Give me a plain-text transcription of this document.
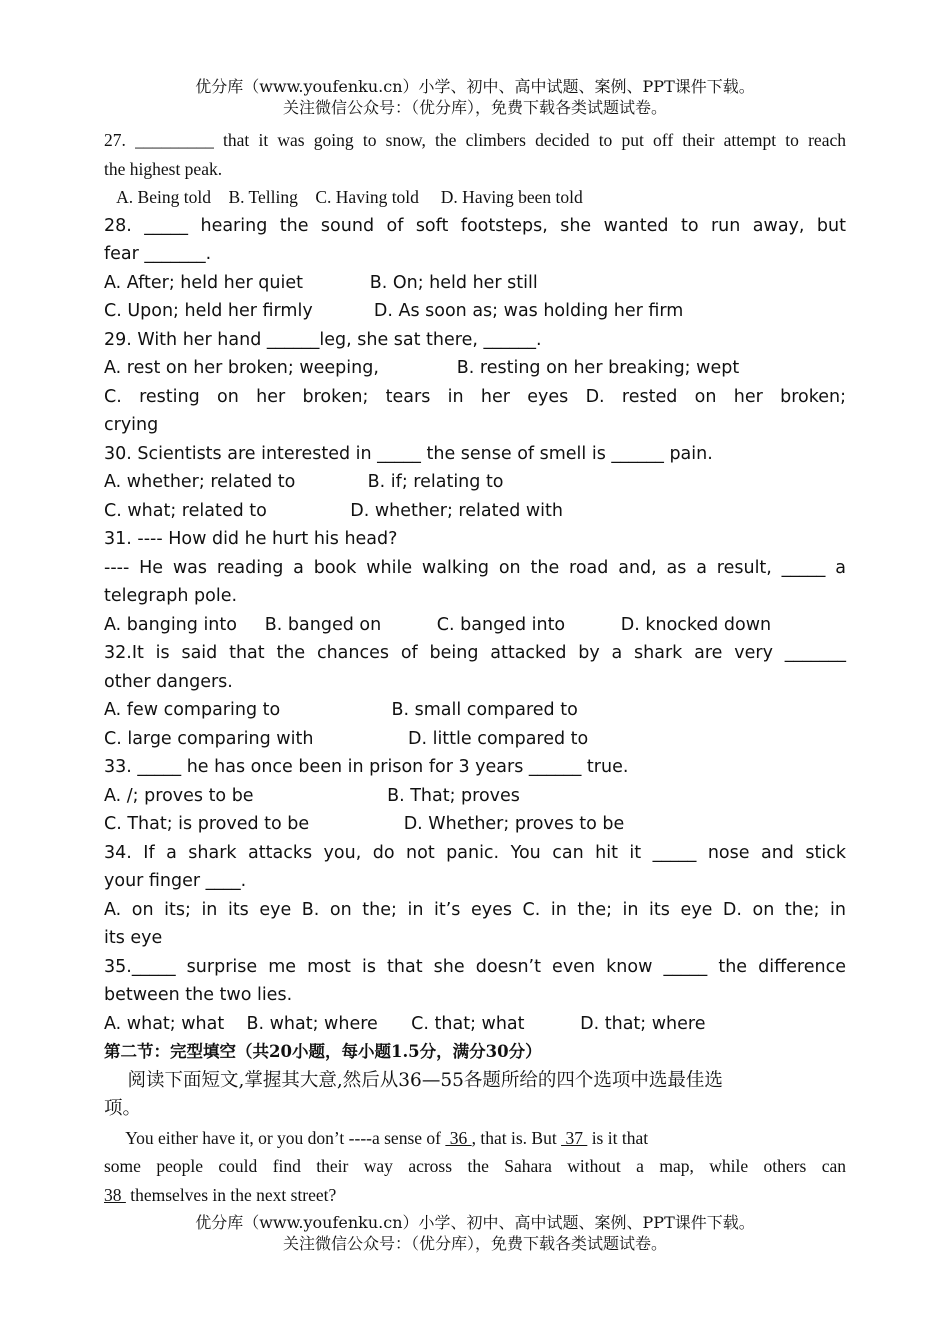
优分库（www.youfenku.cn）小学、初中、高中试题、案例、PPT课件下载。
关注微信公众号：（优分库），免费下载各类试题试卷。
27. _________ that it was going to snow, the climbers decided to put off their attempt to reach
the highest peak.
A. Being told    B. Telling    C. Having told     D. Having been told
28. _____ hearing the sound of soft footsteps, she wanted to run away, but
fear _______.
A. After; held her quiet            B. On; held her still
C. Upon; held her firmly           D. As soon as; was holding her firm
29. With her hand ______leg, she sat there, ______.
A. rest on her broken; weeping,              B. resting on her breaking; wept
C. resting on her broken; tears in her eyes D. rested on her broken;
crying
30. Scientists are interested in _____ the sense of smell is ______ pain.
A. whether; related to             B. if; relating to
C. what; related to               D. whether; related with
31. ---- How did he hurt his head?
---- He was reading a book while walking on the road and, as a result, _____ a
telegraph pole.
A. banging into     B. banged on          C. banged into          D. knocked down
32.It is said that the chances of being attacked by a shark are very _______
other dangers.
A. few comparing to                    B. small compared to
C. large comparing with                 D. little compared to
33. _____ he has once been in prison for 3 years ______ true.
A. /; proves to be                        B. That; proves
C. That; is proved to be                 D. Whether; proves to be
34. If a shark attacks you, do not panic. You can hit it _____ nose and stick
your finger ____.
A. on its; in its eye B. on the; in it’s eyes C. in the; in its eye D. on the; in
its eye
35._____ surprise me most is that she doesn’t even know _____ the difference
between the two lies.
A. what; what    B. what; where      C. that; what          D. that; where
第二节：完型填空（共20小题，每小题1.5分，满分30分）
阅读下面短文,掌握其大意,然后从36—55各题所给的四个选项中选最佳选
项。
You either have it, or you don’t ----a sense of  36 , that is. But  37  is it that
some people could find their way across the Sahara without a map, while others can
38  themselves in the next street?
优分库（www.youfenku.cn）小学、初中、高中试题、案例、PPT课件下载。
关注微信公众号：（优分库），免费下载各类试题试卷。
